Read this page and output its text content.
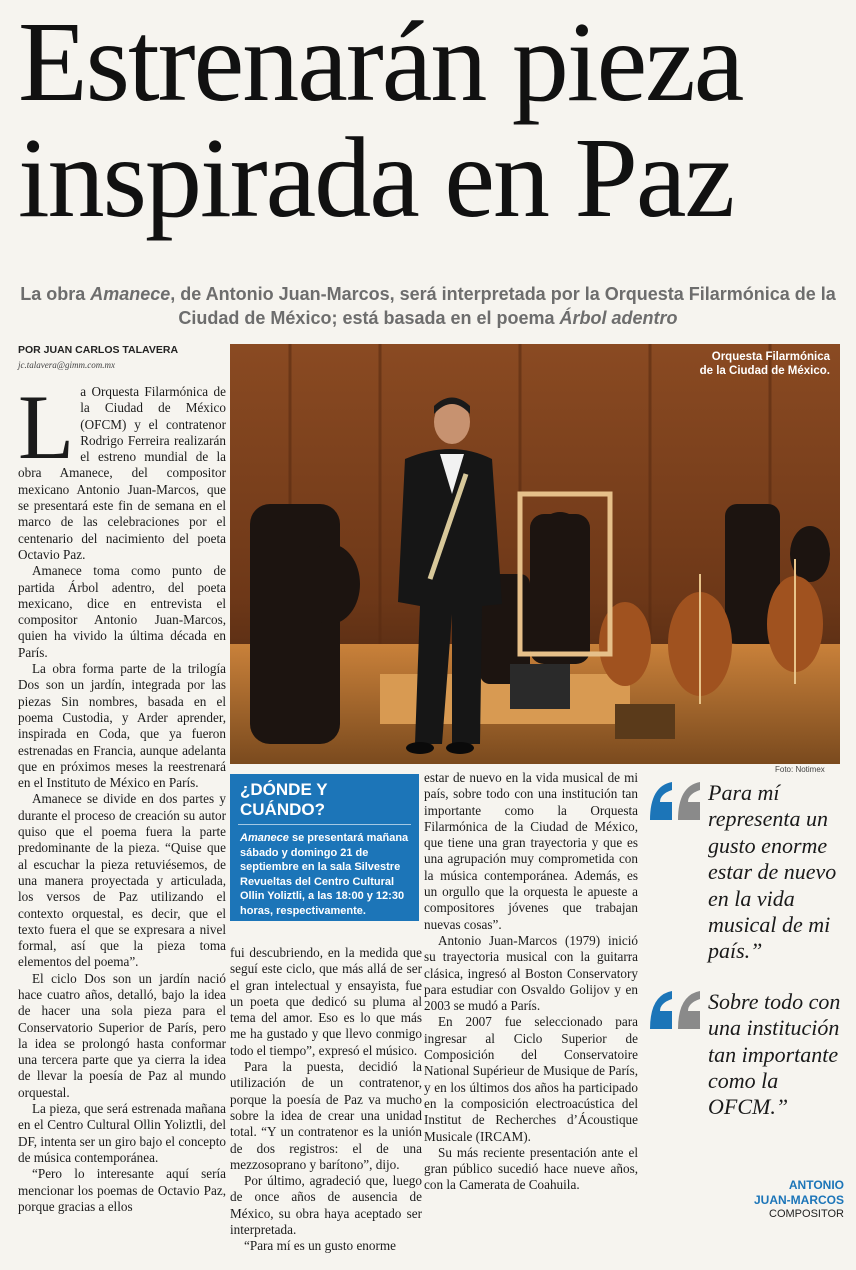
Estrenarán pieza
inspirada en Paz
La obra Amanece, de Antonio Juan-Marcos, será interpretada por la Orquesta Filarmónica de la Ciudad de México; está basada en el poema Árbol adentro
POR JUAN CARLOS TALAVERA
jc.talavera@gimm.com.mx

La Orquesta Filarmónica de la Ciudad de México (OFCM) y el contratenor Rodrigo Ferreira realizarán el estreno mundial de la obra Amanece, del compositor mexicano Antonio Juan-Marcos, que se presentará este fin de semana en el marco de las celebraciones por el centenario del nacimiento del poeta Octavio Paz.

Amanece toma como punto de partida Árbol adentro, del poeta mexicano, dice en entrevista el compositor Antonio Juan-Marcos, quien ha vivido la última década en París.

La obra forma parte de la trilogía Dos son un jardín, integrada por las piezas Sin nombres, basada en el poema Custodia, y Arder aprender, inspirada en Coda, que ya fueron estrenadas en Francia, aunque adelanta que en próximos meses la reestrenará en el Instituto de México en París.

Amanece se divide en dos partes y durante el proceso de creación su autor quiso que el poema fuera la parte predominante de la pieza. “Quise que al escuchar la pieza retuviésemos, de una manera proyectada y articulada, los versos de Paz utilizando el contexto orquestal, es decir, que el texto fuera el que se expresara a nivel formal, así que la pieza toma elementos del poema”.

El ciclo Dos son un jardín nació hace cuatro años, detalló, bajo la idea de hacer una sola pieza para el Conservatorio Superior de París, pero la idea se prolongó hasta conformar una tercera parte que ya cierra la idea de llevar la poesía de Paz al mundo orquestal.

La pieza, que será estrenada mañana en el Centro Cultural Ollin Yoliztli, del DF, intenta ser un giro bajo el concepto de música contemporánea.

“Pero lo interesante aquí sería mencionar los poemas de Octavio Paz, porque gracias a ellos

Orquesta Filarmónica
de la Ciudad de México.
Foto: Notimex
¿DÓNDE Y CUÁNDO?
Amanece se presentará mañana sábado y domingo 21 de septiembre en la sala Silvestre Revueltas del Centro Cultural Ollin Yoliztli, a las 18:00 y 12:30 horas, respectivamente.

fui descubriendo, en la medida que seguí este ciclo, que más allá de ser el gran intelectual y ensayista, fue un poeta que dedicó su pluma al tema del amor. Eso es lo que más me ha gustado y que llevo conmigo todo el tiempo”, expresó el músico.

Para la puesta, decidió la utilización de un contratenor, porque la poesía de Paz va mucho sobre la idea de crear una unidad total. “Y un contratenor es la unión de dos registros: el de una mezzosoprano y barítono”, dijo.

Por último, agradeció que, luego de once años de ausencia de México, su obra haya aceptado ser interpretada.

“Para mí es un gusto enorme

estar de nuevo en la vida musical de mi país, sobre todo con una institución tan importante como la Orquesta Filarmónica de la Ciudad de México, que tiene una gran trayectoria y que es una agrupación muy comprometida con la música contemporánea. Además, es un orgullo que la orquesta le apueste a compositores jóvenes que trabajan nuevas cosas”.

Antonio Juan-Marcos (1979) inició su trayectoria musical con la guitarra clásica, ingresó al Boston Conservatory para estudiar con Osvaldo Golijov y en 2003 se mudó a París.

En 2007 fue seleccionado para ingresar al Ciclo Superior de Composición del Conservatoire National Supérieur de Musique de París, y en los últimos dos años ha participado en la composición electroacústica del Institut de Recherches d’Ácoustique Musicale (IRCAM).

Su más reciente presentación ante el gran público sucedió hace nueve años, con la Camerata de Coahuila.

Para mí representa un gusto enorme estar de nuevo en la vida musical de mi país.”
Sobre todo con una institución tan importante como la OFCM.”
ANTONIO
JUAN-MARCOS
COMPOSITOR
